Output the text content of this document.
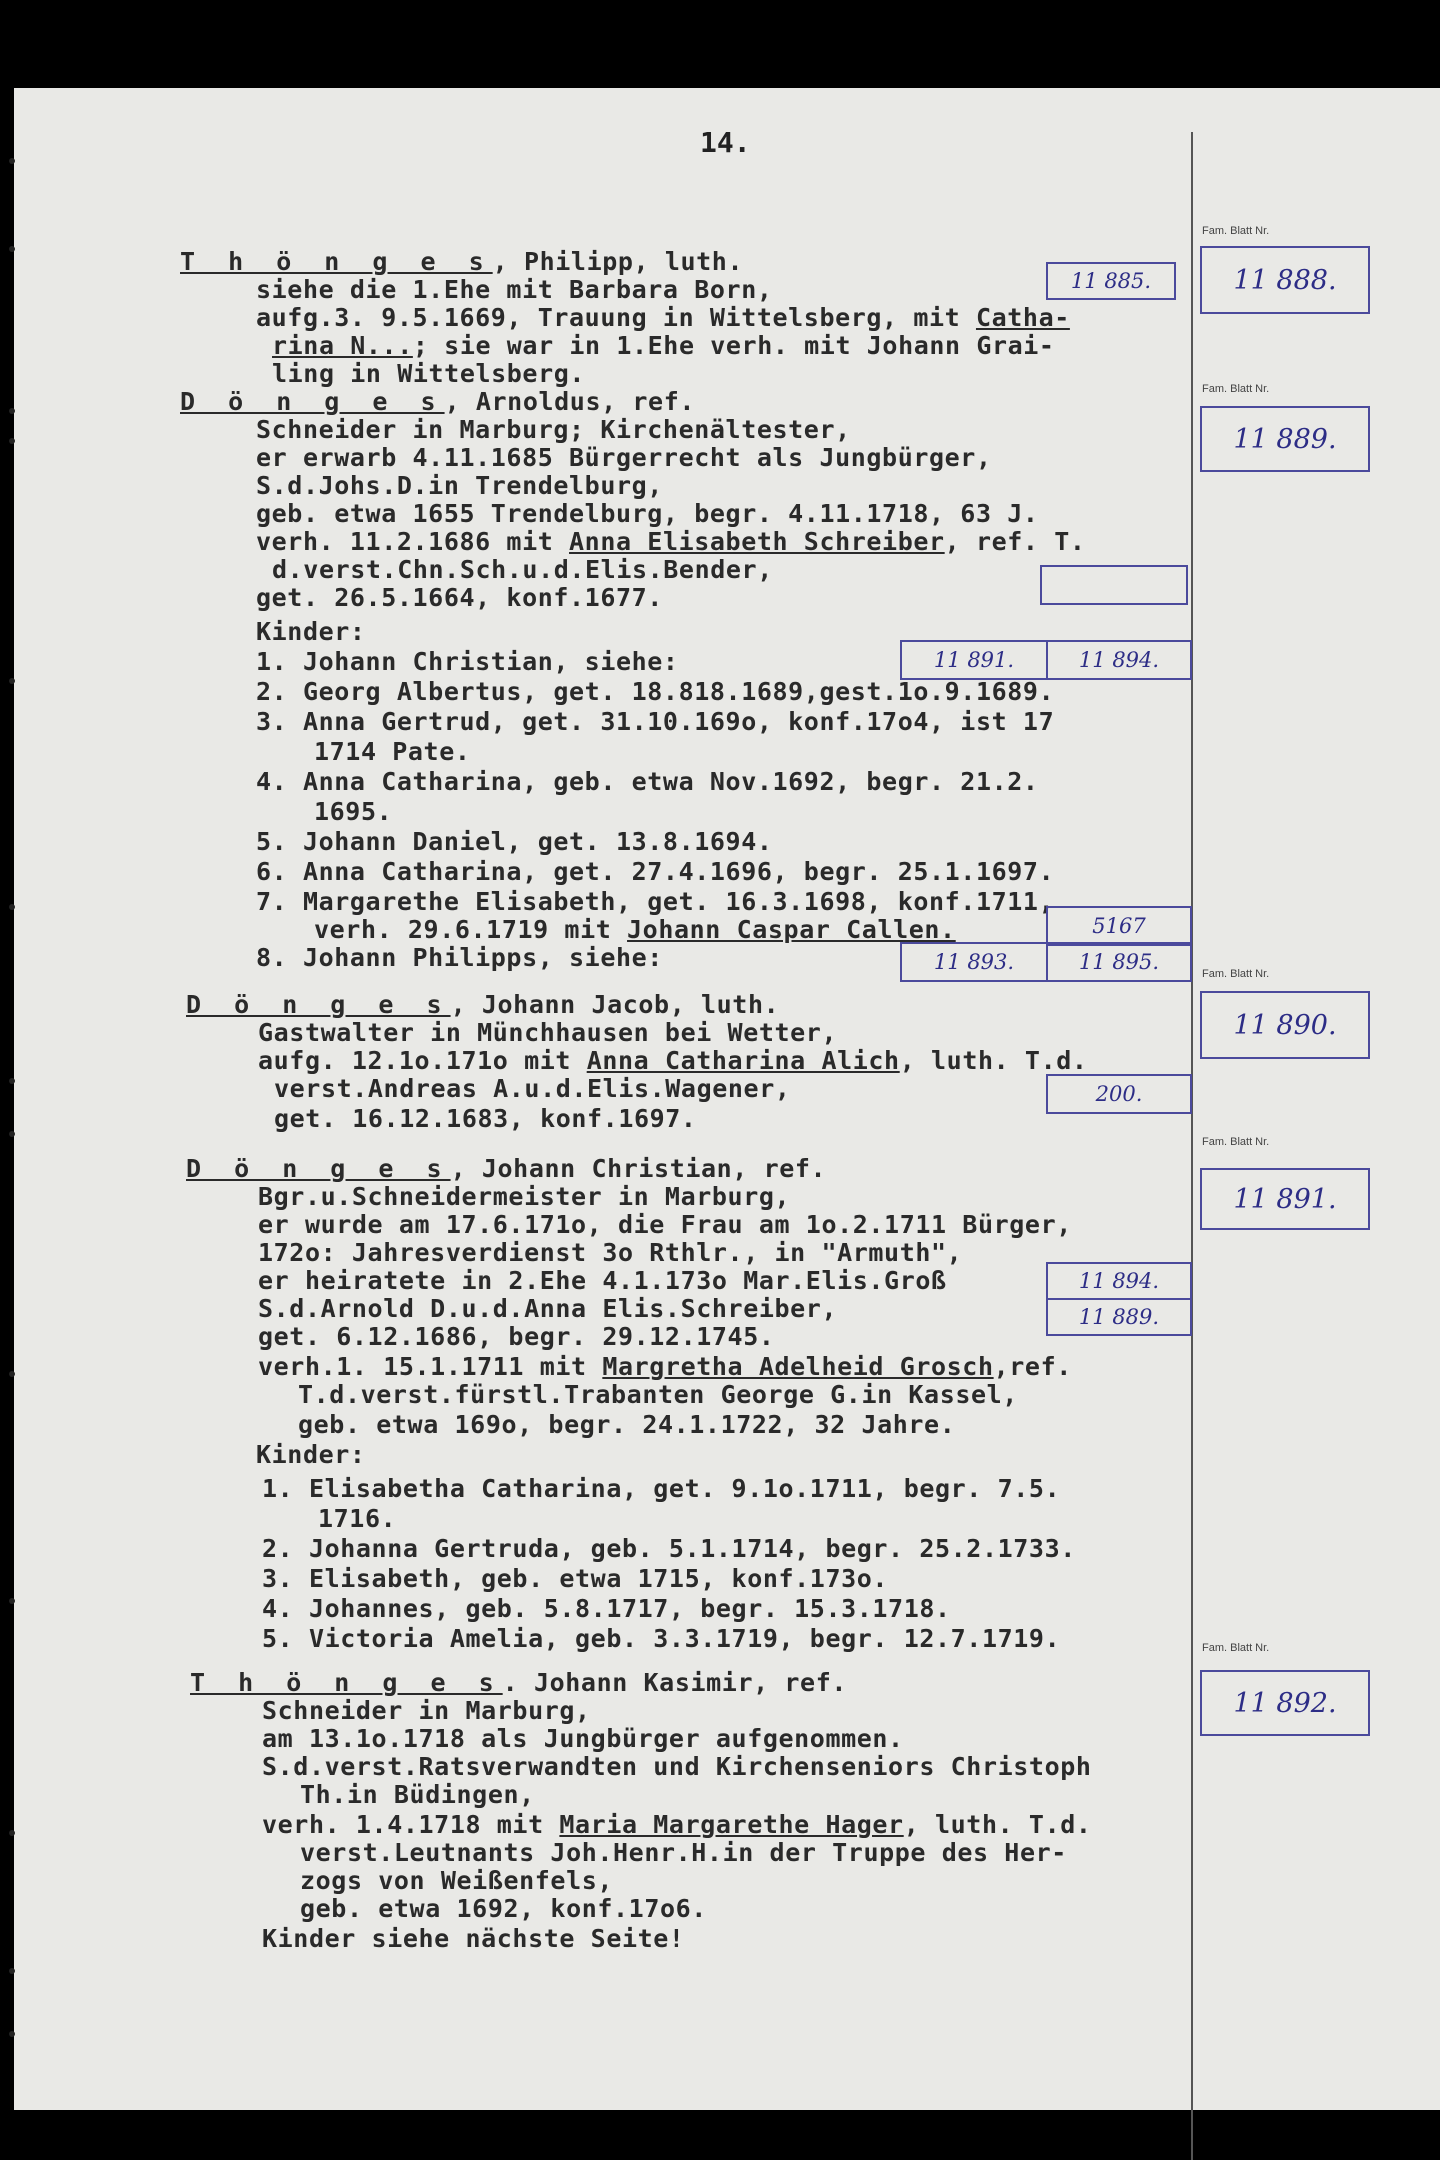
14.
T h ö n g e s, Philipp, luth.
siehe die 1.Ehe mit Barbara Born,
aufg.3. 9.5.1669, Trauung in Wittelsberg, mit Catha-
rina N...; sie war in 1.Ehe verh. mit Johann Grai-
ling in Wittelsberg.
D ö n g e s, Arnoldus, ref.
Schneider in Marburg; Kirchenältester,
er erwarb 4.11.1685 Bürgerrecht als Jungbürger,
S.d.Johs.D.in Trendelburg,
geb. etwa 1655 Trendelburg, begr. 4.11.1718, 63 J.
verh. 11.2.1686 mit Anna Elisabeth Schreiber, ref. T.
d.verst.Chn.Sch.u.d.Elis.Bender,
get. 26.5.1664, konf.1677.
Kinder:
1. Johann Christian, siehe:
2. Georg Albertus, get. 18.818.1689,gest.1o.9.1689.
3. Anna Gertrud, get. 31.10.169o, konf.17o4, ist 17
1714 Pate.
4. Anna Catharina, geb. etwa Nov.1692, begr. 21.2.
1695.
5. Johann Daniel, get. 13.8.1694.
6. Anna Catharina, get. 27.4.1696, begr. 25.1.1697.
7. Margarethe Elisabeth, get. 16.3.1698, konf.1711,
verh. 29.6.1719 mit Johann Caspar Callen.
8. Johann Philipps, siehe:
D ö n g e s, Johann Jacob, luth.
Gastwalter in Münchhausen bei Wetter,
aufg. 12.1o.171o mit Anna Catharina Alich, luth. T.d.
verst.Andreas A.u.d.Elis.Wagener,
get. 16.12.1683, konf.1697.
D ö n g e s, Johann Christian, ref.
Bgr.u.Schneidermeister in Marburg,
er wurde am 17.6.171o, die Frau am 1o.2.1711 Bürger,
172o: Jahresverdienst 3o Rthlr., in "Armuth",
er heiratete in 2.Ehe 4.1.173o Mar.Elis.Groß
S.d.Arnold D.u.d.Anna Elis.Schreiber,
get. 6.12.1686, begr. 29.12.1745.
verh.1. 15.1.1711 mit Margretha Adelheid Grosch,ref.
T.d.verst.fürstl.Trabanten George G.in Kassel,
geb. etwa 169o, begr. 24.1.1722, 32 Jahre.
Kinder:
1. Elisabetha Catharina, get. 9.1o.1711, begr. 7.5.
1716.
2. Johanna Gertruda, geb. 5.1.1714, begr. 25.2.1733.
3. Elisabeth, geb. etwa 1715, konf.173o.
4. Johannes, geb. 5.8.1717, begr. 15.3.1718.
5. Victoria Amelia, geb. 3.3.1719, begr. 12.7.1719.
T h ö n g e s. Johann Kasimir, ref.
Schneider in Marburg,
am 13.1o.1718 als Jungbürger aufgenommen.
S.d.verst.Ratsverwandten und Kirchenseniors Christoph
Th.in Büdingen,
verh. 1.4.1718 mit Maria Margarethe Hager, luth. T.d.
verst.Leutnants Joh.Henr.H.in der Truppe des Her-
zogs von Weißenfels,
geb. etwa 1692, konf.17o6.
Kinder siehe nächste Seite!
Fam. Blatt Nr.
11 888.
Fam. Blatt Nr.
11 889.
Fam. Blatt Nr.
11 890.
Fam. Blatt Nr.
11 891.
Fam. Blatt Nr.
11 892.
11 885.
11 891.	11 894.
5167
11 893.	11 895.
200.
11 894.
11 889.
